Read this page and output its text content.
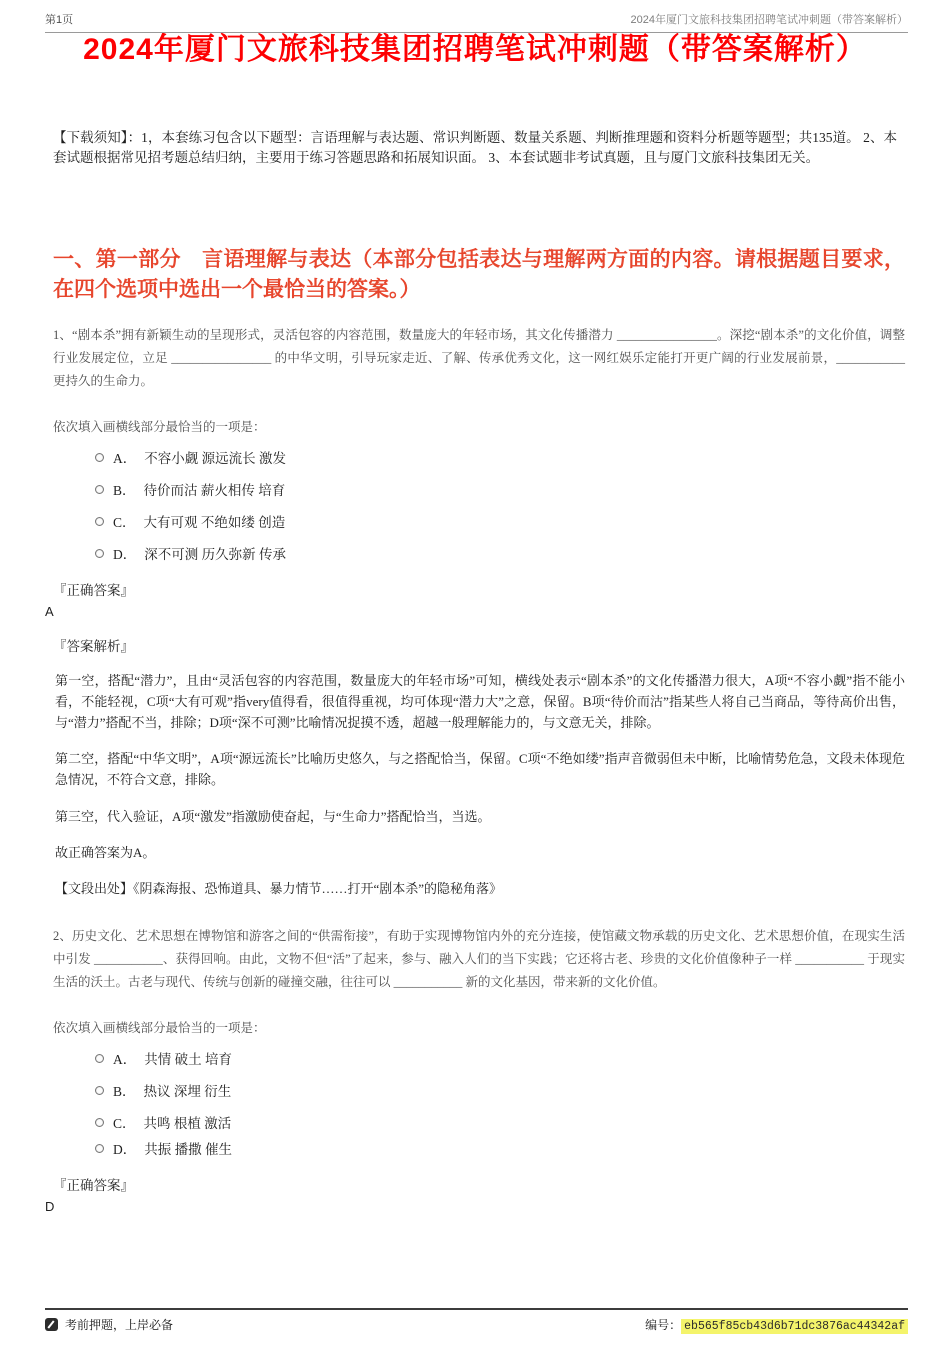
第1页	2024年厦门文旅科技集团招聘笔试冲刺题（带答案解析）
2024年厦门文旅科技集团招聘笔试冲刺题（带答案解析）

【下载须知】：1，本套练习包含以下题型：言语理解与表达题、常识判断题、数量关系题、判断推理题和资料分析题等题型；共135道。 2、本套试题根据常见招考题总结归纳，主要用于练习答题思路和拓展知识面。 3、本套试题非考试真题，且与厦门文旅科技集团无关。

一、第一部分　言语理解与表达（本部分包括表达与理解两方面的内容。请根据题目要求，在四个选项中选出一个最恰当的答案。）

1、“剧本杀”拥有新颖生动的呈现形式，灵活包容的内容范围，数量庞大的年轻市场，其文化传播潜力 ________________。深挖“剧本杀”的文化价值，调整行业发展定位，立足 ________________ 的中华文明，引导玩家走近、了解、传承优秀文化，这一网红娱乐定能打开更广阔的行业发展前景，___________ 更持久的生命力。

依次填入画横线部分最恰当的一项是：

A． 不容小觑 源远流长 激发
B． 待价而沽 薪火相传 培育
C． 大有可观 不绝如缕 创造
D． 深不可测 历久弥新 传承

『正确答案』

A

『答案解析』

第一空，搭配“潜力”，且由“灵活包容的内容范围，数量庞大的年轻市场”可知，横线处表示“剧本杀”的文化传播潜力很大，A项“不容小觑”指不能小看，不能轻视，C项“大有可观”指very值得看，很值得重视，均可体现“潜力大”之意，保留。B项“待价而沽”指某些人将自己当商品，等待高价出售，与“潜力”搭配不当，排除；D项“深不可测”比喻情况捉摸不透，超越一般理解能力的，与文意无关，排除。

第二空，搭配“中华文明”，A项“源远流长”比喻历史悠久，与之搭配恰当，保留。C项“不绝如缕”指声音微弱但未中断，比喻情势危急，文段未体现危急情况，不符合文意，排除。

第三空，代入验证，A项“激发”指激励使奋起，与“生命力”搭配恰当，当选。

故正确答案为A。

【文段出处】《阴森海报、恐怖道具、暴力情节……打开“剧本杀”的隐秘角落》

2、历史文化、艺术思想在博物馆和游客之间的“供需衔接”，有助于实现博物馆内外的充分连接，使馆藏文物承载的历史文化、艺术思想价值，在现实生活中引发 ___________、获得回响。由此，文物不但“活”了起来，参与、融入人们的当下实践；它还将古老、珍贵的文化价值像种子一样 ___________ 于现实生活的沃土。古老与现代、传统与创新的碰撞交融，往往可以 ___________ 新的文化基因，带来新的文化价值。

依次填入画横线部分最恰当的一项是：

A． 共情 破土 培育
B． 热议 深埋 衍生
C． 共鸣 根植 激活
D． 共振 播撒 催生

『正确答案』

D

考前押题，上岸必备	编号： eb565f85cb43d6b71dc3876ac44342af
